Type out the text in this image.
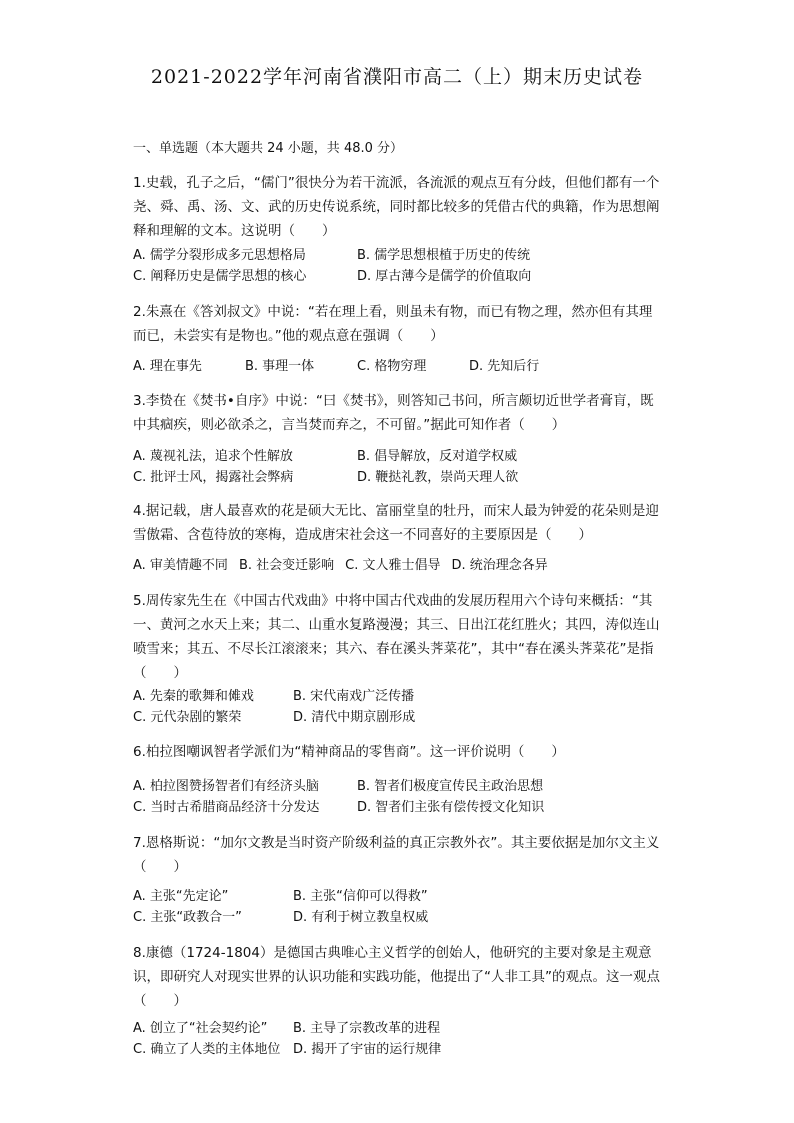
2021-2022学年河南省濮阳市高二（上）期末历史试卷
一、单选题（本大题共 24 小题，共 48.0 分）
1.史载，孔子之后，“儒门”很快分为若干流派，各流派的观点互有分歧，但他们都有一个尧、舜、禹、汤、文、武的历史传说系统，同时都比较多的凭借古代的典籍，作为思想阐释和理解的文本。这说明（　　）
A. 儒学分裂形成多元思想格局	B. 儒学思想根植于历史的传统
C. 阐释历史是儒学思想的核心	D. 厚古薄今是儒学的价值取向
2.朱熹在《答刘叔文》中说：“若在理上看，则虽未有物，而已有物之理，然亦但有其理而已，未尝实有是物也。”他的观点意在强调（　　）
A. 理在事先	B. 事理一体	C. 格物穷理	D. 先知后行
3.李贽在《焚书•自序》中说：“曰《焚书》，则答知己书问，所言颇切近世学者膏肓，既中其痼疾，则必欲杀之，言当焚而弃之，不可留。”据此可知作者（　　）
A. 蔑视礼法，追求个性解放	B. 倡导解放，反对道学权威
C. 批评士风，揭露社会弊病	D. 鞭挞礼教，崇尚天理人欲
4.据记载，唐人最喜欢的花是硕大无比、富丽堂皇的牡丹，而宋人最为钟爱的花朵则是迎雪傲霜、含苞待放的寒梅，造成唐宋社会这一不同喜好的主要原因是（　　）
A. 审美情趣不同 B. 社会变迁影响 C. 文人雅士倡导 D. 统治理念各异
5.周传家先生在《中国古代戏曲》中将中国古代戏曲的发展历程用六个诗句来概括：“其一、黄河之水天上来；其二、山重水复路漫漫；其三、日出江花红胜火；其四，涛似连山喷雪来；其五、不尽长江滚滚来；其六、春在溪头荠菜花”，其中“春在溪头荠菜花”是指（　　）
A. 先秦的歌舞和傩戏	B. 宋代南戏广泛传播
C. 元代杂剧的繁荣	D. 清代中期京剧形成
6.柏拉图嘲讽智者学派们为“精神商品的零售商”。这一评价说明（　　）
A. 柏拉图赞扬智者们有经济头脑	B. 智者们极度宣传民主政治思想
C. 当时古希腊商品经济十分发达	D. 智者们主张有偿传授文化知识
7.恩格斯说：“加尔文教是当时资产阶级利益的真正宗教外衣”。其主要依据是加尔文主义（　　）
A. 主张“先定论”	B. 主张“信仰可以得救”
C. 主张“政教合一”	D. 有利于树立教皇权威
8.康德（1724-1804）是德国古典唯心主义哲学的创始人，他研究的主要对象是主观意识，即研究人对现实世界的认识功能和实践功能，他提出了“人非工具”的观点。这一观点（　　）
A. 创立了“社会契约论”	B. 主导了宗教改革的进程
C. 确立了人类的主体地位 D. 揭开了宇宙的运行规律
